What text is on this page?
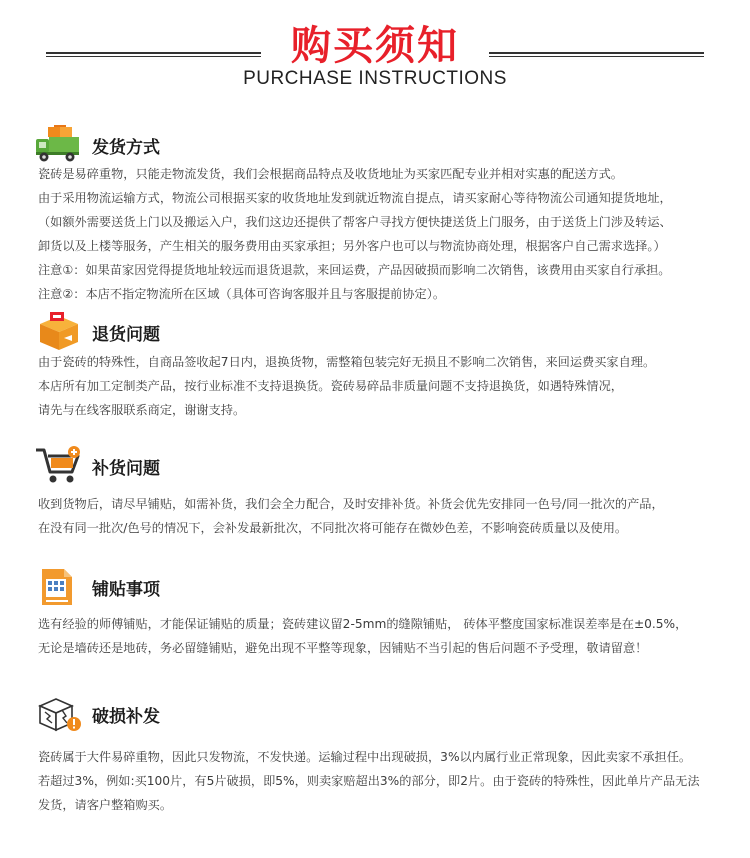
购买须知
PURCHASE INSTRUCTIONS
发货方式
瓷砖是易碎重物，只能走物流发货，我们会根据商品特点及收货地址为买家匹配专业并相对实惠的配送方式。
由于采用物流运输方式，物流公司根据买家的收货地址发到就近物流自提点，请买家耐心等待物流公司通知提货地址，
（如额外需要送货上门以及搬运入户，我们这边还提供了帮客户寻找方便快捷送货上门服务，由于送货上门涉及转运、
卸货以及上楼等服务，产生相关的服务费用由买家承担；另外客户也可以与物流协商处理，根据客户自己需求选择。）
注意①：如果苗家因党得提货地址较远而退货退款，来回运费，产品因破损而影响二次销售，该费用由买家自行承担。
注意②：本店不指定物流所在区域（具体可咨询客服并且与客服提前协定）。
退货问题
由于瓷砖的特殊性，自商品签收起7日内，退换货物，需整箱包装完好无损且不影响二次销售，来回运费买家自理。
本店所有加工定制类产品，按行业标准不支持退换货。瓷砖易碎品非质量问题不支持退换货，如遇特殊情况，
请先与在线客服联系商定，谢谢支持。
补货问题
收到货物后，请尽早铺贴，如需补货，我们会全力配合，及时安排补货。补货会优先安排同一色号/同一批次的产品，
在没有同一批次/色号的情况下，会补发最新批次，不同批次将可能存在微妙色差，不影响瓷砖质量以及使用。
铺贴事项
选有经验的师傅铺贴，才能保证铺贴的质量；瓷砖建议留2-5mm的缝隙铺贴， 砖体平整度国家标准误差率是在±0.5%，
无论是墙砖还是地砖，务必留缝铺贴，避免出现不平整等现象，因铺贴不当引起的售后问题不予受理，敬请留意！
破损补发
瓷砖属于大件易碎重物，因此只发物流，不发快递。运输过程中出现破损，3%以内属行业正常现象，因此卖家不承担任。
若超过3%，例如:买100片，有5片破损，即5%，则卖家赔超出3%的部分，即2片。由于瓷砖的特殊性，因此单片产品无法
发货，请客户整箱购买。
